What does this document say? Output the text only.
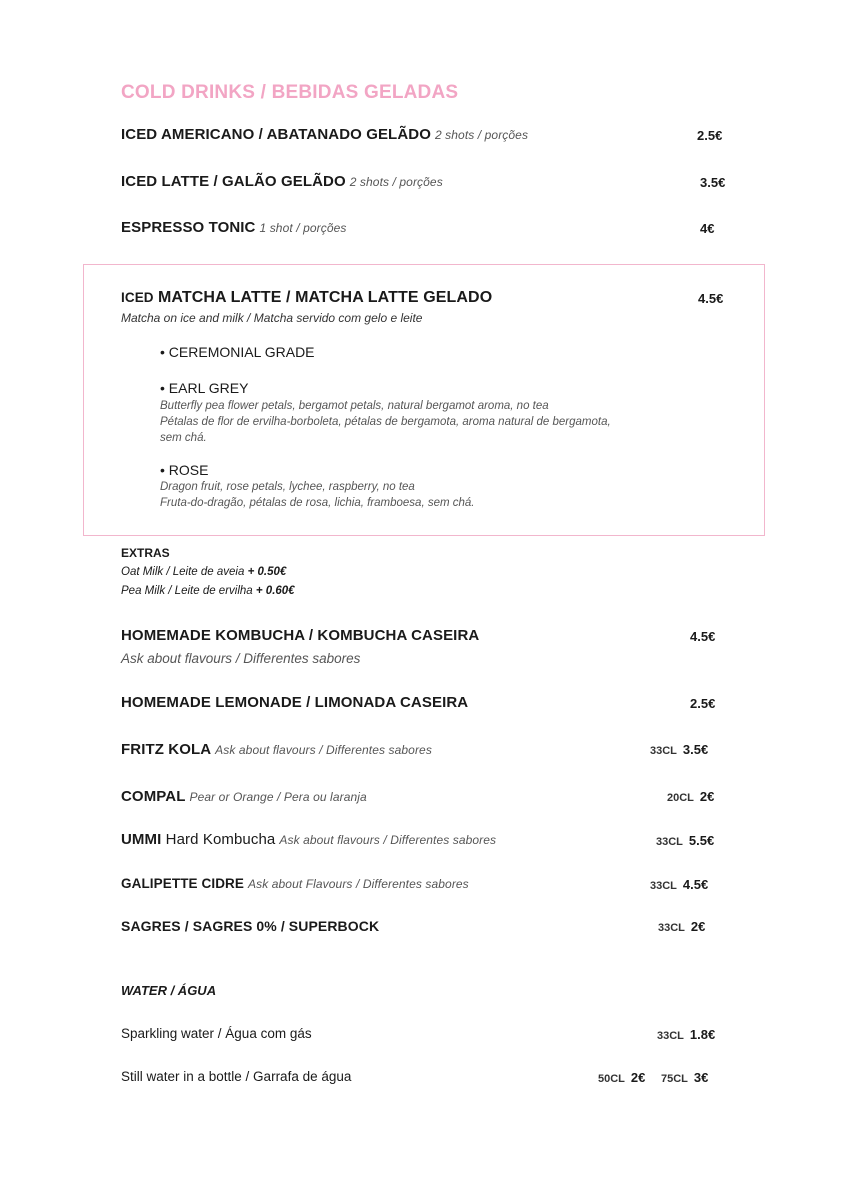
COLD DRINKS / BEBIDAS GELADAS
ICED AMERICANO / ABATANADO GELÃDO 2 shots / porções	2.5€
ICED LATTE / GALÃO GELÃDO 2 shots / porções	3.5€
ESPRESSO TONIC 1 shot / porções	4€
ICED MATCHA LATTE / MATCHA LATTE GELADO	4.5€
Matcha on ice and milk / Matcha servido com gelo e leite
• CEREMONIAL GRADE
• EARL GREY
Butterfly pea flower petals, bergamot petals, natural bergamot aroma, no tea
Pétalas de flor de ervilha-borboleta, pétalas de bergamota, aroma natural de bergamota, sem chá.
• ROSE
Dragon fruit, rose petals, lychee, raspberry, no tea
Fruta-do-dragão, pétalas de rosa, lichia, framboesa, sem chá.
EXTRAS
Oat Milk / Leite de aveia + 0.50€
Pea Milk / Leite de ervilha + 0.60€
HOMEMADE KOMBUCHA / KOMBUCHA CASEIRA	4.5€
Ask about flavours / Differentes sabores
HOMEMADE LEMONADE / LIMONADA CASEIRA	2.5€
FRITZ KOLA Ask about flavours / Differentes sabores	33CL 3.5€
COMPAL Pear or Orange / Pera ou laranja	20CL 2€
UMMI Hard Kombucha Ask about flavours / Differentes sabores	33CL 5.5€
GALIPETTE CIDRE Ask about Flavours / Differentes sabores	33CL 4.5€
SAGRES / SAGRES 0% / SUPERBOCK	33CL 2€
WATER / ÁGUA
Sparkling water / Água com gás	33CL 1.8€
Still water in a bottle / Garrafa de água	50CL 2€ 75CL 3€
